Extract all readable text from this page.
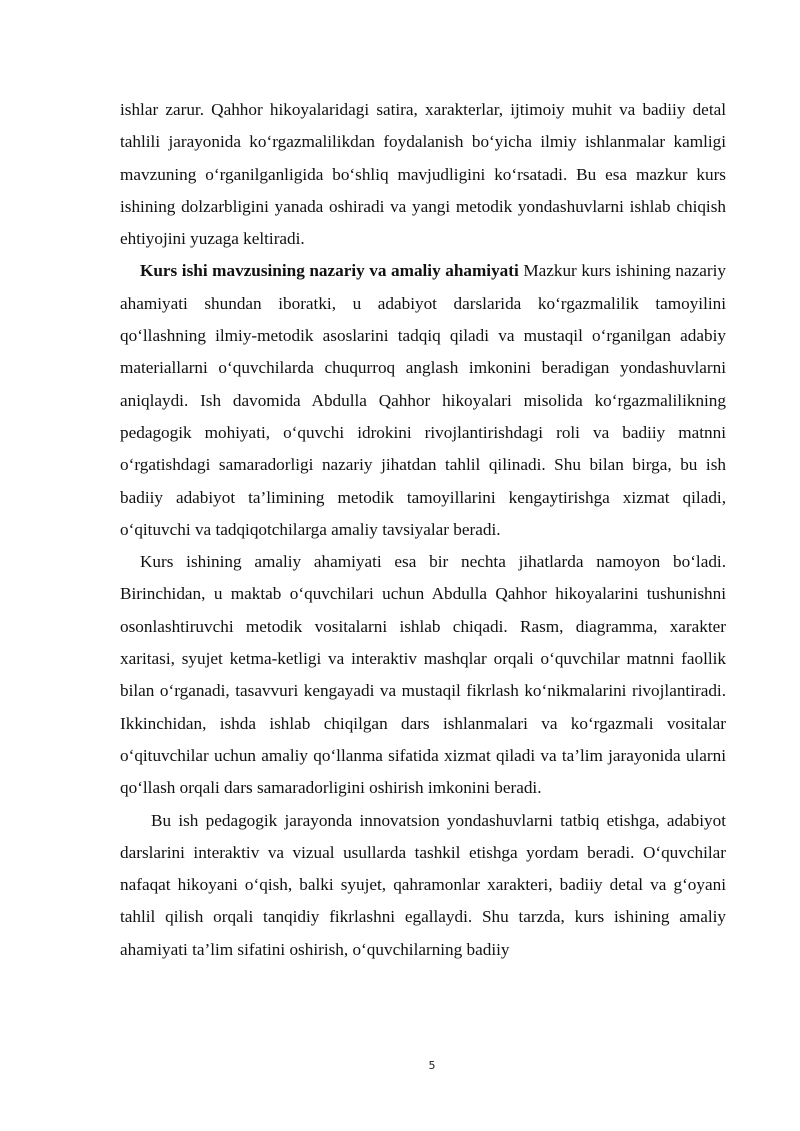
ishlar zarur. Qahhor hikoyalaridagi satira, xarakterlar, ijtimoiy muhit va badiiy detal tahlili jarayonida ko‘rgazmalilikdan foydalanish bo‘yicha ilmiy ishlanmalar kamligi mavzuning o‘rganilganligida bo‘shliq mavjudligini ko‘rsatadi. Bu esa mazkur kurs ishining dolzarbligini yanada oshiradi va yangi metodik yondashuvlarni ishlab chiqish ehtiyojini yuzaga keltiradi.

Kurs ishi mavzusining nazariy va amaliy ahamiyati Mazkur kurs ishining nazariy ahamiyati shundan iboratki, u adabiyot darslarida ko‘rgazmalilik tamoyilini qo‘llashning ilmiy-metodik asoslarini tadqiq qiladi va mustaqil o‘rganilgan adabiy materiallarni o‘quvchilarda chuqurroq anglash imkonini beradigan yondashuvlarni aniqlaydi. Ish davomida Abdulla Qahhor hikoyalari misolida ko‘rgazmalilikning pedagogik mohiyati, o‘quvchi idrokini rivojlantirishdagi roli va badiiy matnni o‘rgatishdagi samaradorligi nazariy jihatdan tahlil qilinadi. Shu bilan birga, bu ish badiiy adabiyot ta’limining metodik tamoyillarini kengaytirishga xizmat qiladi, o‘qituvchi va tadqiqotchilarga amaliy tavsiyalar beradi.

Kurs ishining amaliy ahamiyati esa bir nechta jihatlarda namoyon bo‘ladi. Birinchidan, u maktab o‘quvchilari uchun Abdulla Qahhor hikoyalarini tushunishni osonlashtiruvchi metodik vositalarni ishlab chiqadi. Rasm, diagramma, xarakter xaritasi, syujet ketma-ketligi va interaktiv mashqlar orqali o‘quvchilar matnni faollik bilan o‘rganadi, tasavvuri kengayadi va mustaqil fikrlash ko‘nikmalarini rivojlantiradi. Ikkinchidan, ishda ishlab chiqilgan dars ishlanmalari va ko‘rgazmali vositalar o‘qituvchilar uchun amaliy qo‘llanma sifatida xizmat qiladi va ta’lim jarayonida ularni qo‘llash orqali dars samaradorligini oshirish imkonini beradi.

Bu ish pedagogik jarayonda innovatsion yondashuvlarni tatbiq etishga, adabiyot darslarini interaktiv va vizual usullarda tashkil etishga yordam beradi. O‘quvchilar nafaqat hikoyani o‘qish, balki syujet, qahramonlar xarakteri, badiiy detal va g‘oyani tahlil qilish orqali tanqidiy fikrlashni egallaydi. Shu tarzda, kurs ishining amaliy ahamiyati ta’lim sifatini oshirish, o‘quvchilarning badiiy

5
